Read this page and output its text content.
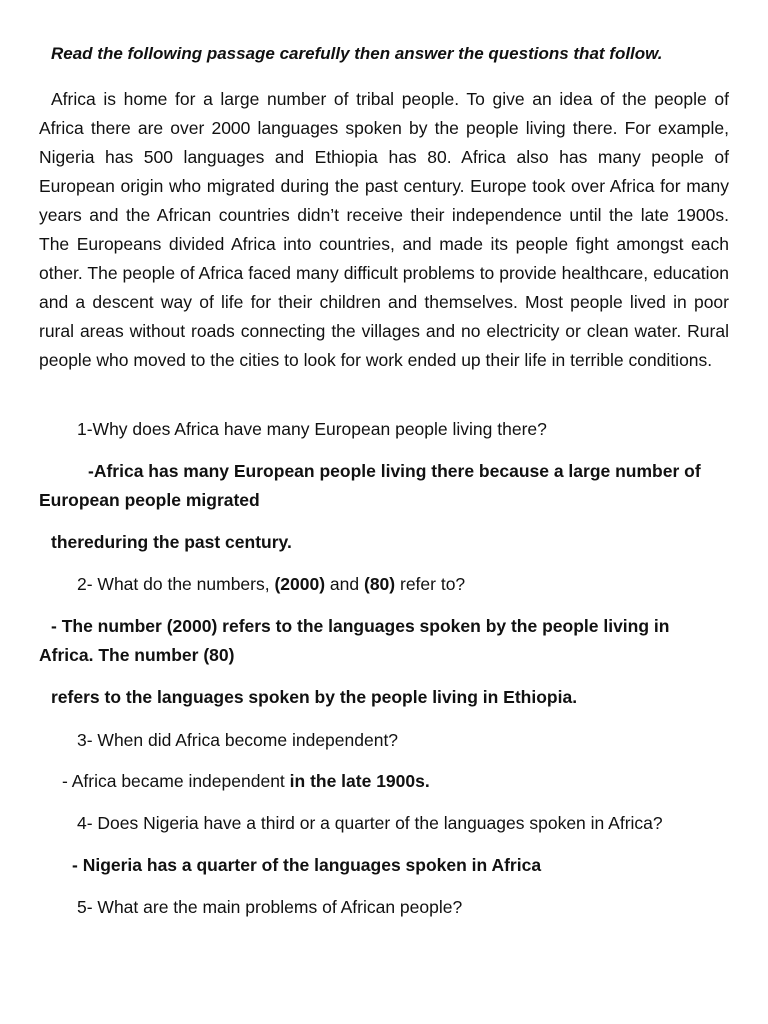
Read the following passage carefully then answer the questions that follow.

Africa is home for a large number of tribal people. To give an idea of the people of Africa there are over 2000 languages spoken by the people living there. For example, Nigeria has 500 languages and Ethiopia has 80. Africa also has many people of European origin who migrated during the past century. Europe took over Africa for many years and the African countries didn’t receive their independence until the late 1900s. The Europeans divided Africa into countries, and made its people fight amongst each other. The people of Africa faced many difficult problems to provide healthcare, education and a descent way of life for their children and themselves. Most people lived in poor rural areas without roads connecting the villages and no electricity or clean water. Rural people who moved to the cities to look for work ended up their life in terrible conditions.

1-Why does Africa have many European people living there?
-Africa has many European people living there because a large number of
European people migrated
thereduring the past century.
2- What do the numbers, (2000) and (80) refer to?
- The number (2000) refers to the languages spoken by the people living in
Africa. The number (80)
refers to the languages spoken by the people living in Ethiopia.
3- When did Africa become independent?
- Africa became independent in the late 1900s.
4- Does Nigeria have a third or a quarter of the languages spoken in Africa?
- Nigeria has a quarter of the languages spoken in Africa
5- What are the main problems of African people?
